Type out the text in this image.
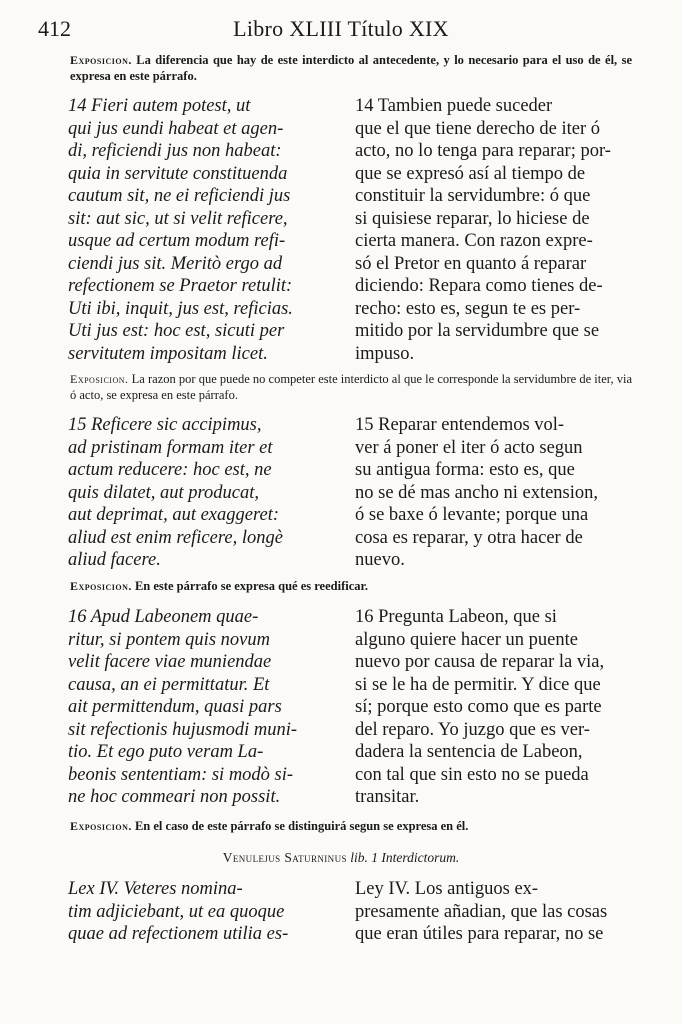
412	Libro XLIII Título XIX
Exposicion. La diferencia que hay de este interdicto al antecedente, y lo necesario para el uso de él, se expresa en este párrafo.
14 Fieri autem potest, ut
qui jus eundi habeat et agen-
di, reficiendi jus non habeat:
quia in servitute constituenda
cautum sit, ne ei reficiendi jus
sit: aut sic, ut si velit reficere,
usque ad certum modum refi-
ciendi jus sit. Meritò ergo ad
refectionem se Praetor retulit:
Uti ibi, inquit, jus est, reficias.
Uti jus est: hoc est, sicuti per
servitutem impositam licet.
14 Tambien puede suceder
que el que tiene derecho de iter ó
acto, no lo tenga para reparar; por-
que se expresó así al tiempo de
constituir la servidumbre: ó que
si quisiese reparar, lo hiciese de
cierta manera. Con razon expre-
só el Pretor en quanto á reparar
diciendo: Repara como tienes de-
recho: esto es, segun te es per-
mitido por la servidumbre que se
impuso.
Exposicion. La razon por que puede no competer este interdicto al que le corresponde la servidumbre de iter, via ó acto, se expresa en este párrafo.
15 Reficere sic accipimus,
ad pristinam formam iter et
actum reducere: hoc est, ne
quis dilatet, aut producat,
aut deprimat, aut exaggeret:
aliud est enim reficere, longè
aliud facere.
15 Reparar entendemos vol-
ver á poner el iter ó acto segun
su antigua forma: esto es, que
no se dé mas ancho ni extension,
ó se baxe ó levante; porque una
cosa es reparar, y otra hacer de
nuevo.
Exposicion. En este párrafo se expresa qué es reedificar.
16 Apud Labeonem quae-
ritur, si pontem quis novum
velit facere viae muniendae
causa, an ei permittatur. Et
ait permittendum, quasi pars
sit refectionis hujusmodi muni-
tio. Et ego puto veram La-
beonis sententiam: si modò si-
ne hoc commeari non possit.
16 Pregunta Labeon, que si
alguno quiere hacer un puente
nuevo por causa de reparar la via,
si se le ha de permitir. Y dice que
sí; porque esto como que es parte
del reparo. Yo juzgo que es ver-
dadera la sentencia de Labeon,
con tal que sin esto no se pueda
transitar.
Exposicion. En el caso de este párrafo se distinguirá segun se expresa en él.
Venulejus Saturninus lib. 1 Interdictorum.
Lex IV. Veteres nomina-
tim adjiciebant, ut ea quoque
quae ad refectionem utilia es-
Ley IV. Los antiguos ex-
presamente añadian, que las cosas
que eran útiles para reparar, no se
